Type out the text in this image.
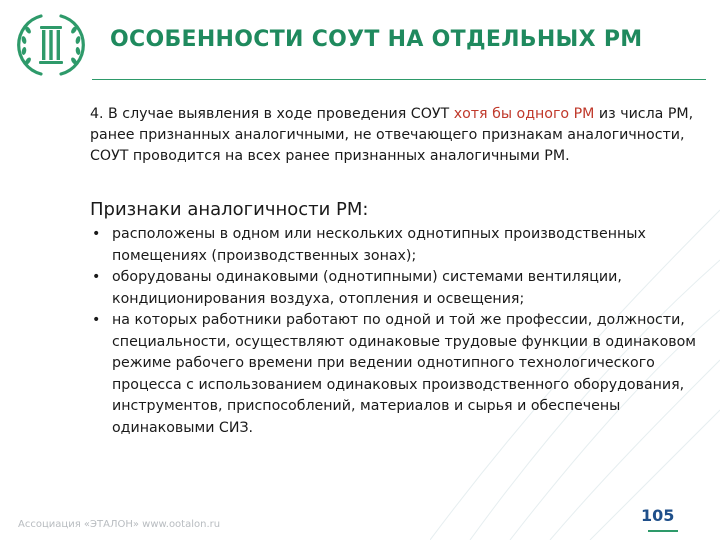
ОСОБЕННОСТИ СОУТ НА ОТДЕЛЬНЫХ РМ

4. В случае выявления в ходе проведения СОУТ хотя бы одного РМ из числа РМ, ранее признанных аналогичными, не отвечающего признакам аналогичности, СОУТ проводится на всех ранее признанных аналогичными РМ.

Признаки аналогичности РМ:
• расположены в одном или нескольких однотипных производственных помещениях (производственных зонах);
• оборудованы одинаковыми (однотипными) системами вентиляции, кондиционирования воздуха, отопления и освещения;
• на которых работники работают по одной и той же профессии, должности, специальности, осуществляют одинаковые трудовые функции в одинаковом режиме рабочего времени при ведении однотипного технологического процесса с использованием одинаковых производственного оборудования, инструментов, приспособлений, материалов и сырья и обеспечены одинаковыми СИЗ.
Ассоциация «ЭТАЛОН» www.ootalon.ru	105
